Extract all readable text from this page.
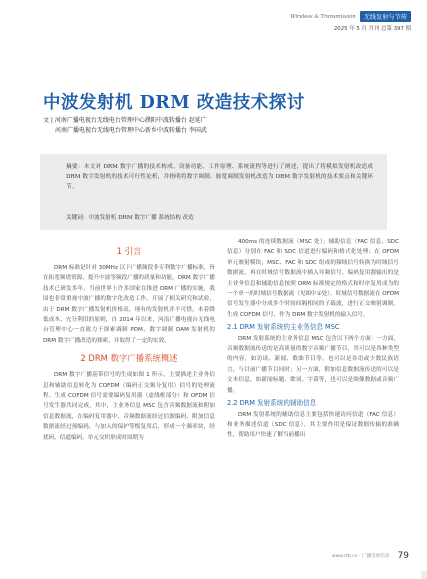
Wireless & Transmission	无线发射与节传
2025 年 5 月 月刊 总第 397 期
中波发射机 DRM 改造技术探讨
文 | 河南广播电视台无线电台管理中心濮阳中波转播台 赵延广
河南广播电视台无线电台管理中心新乡中波转播台 李国武
摘要：本文对 DRM 数字广播的技术构成、设备功能、工作原理、系统流程等进行了阐述，提出了将模拟发射机改造成 DRM 数字发射机的技术可行性论析，并指明将数字调制、脉宽调制发射机改造为 DRM 数字发射机的技术要点和关键环节。
关键词：中波发射机 DRM 数字广播 系统结构 改造
1 引言

DRM 标准是针对 30MHz 以下广播频段非专利数字广播标准，旨在拓宽频谱资源、提升中波等频段广播的质量和功能。DRM 数字广播技术已研发多年，当前世界上许多国家在推进 DRM 广播的实施，我国也非常重视中波广播的数字化改造工作，开展了相关研究和试验，由于 DRM 数字广播发射机价格高，现有的发射机并不可惜，本着降低成本、充分利旧的原则，自 2014 年以来，河南广播电视台无线电台管理中心一直致力于探索调制 PDM、数字调制 DAM 发射机的 DRM 数字广播改造的探索，并取得了一定的实效。

2 DRM 数字广播系统概述

DRM 数字广播基带信号的生成如图 1 所示，主要描述主业务信息和辅助信息转化为 COFDM（编码正交频分复用）信号的处理流程。生成 COFDM 信号需要编码复用器（虚线框部分）和 OFDM 信号发生器共同完成，其中，主业务信息 MSC 包含音频数据流和附加信息数据流，在编码复用器中，音频数据流经过信源编码、附加信息数据流经过预编码，与加入的保护等级复用后，形成一个频率块，经扰码、信道编码、单元交织形成时周期为

400ms 的连续数据流（MSC 处）；辅助信息（FAC 信息、SDC 信息）分别在 FAC 和 SDC 信道进行编码和格式化处理；在 OFDM 单元映射模块，MSC、FAC 和 SDC 组成的频域信号转换为时域信号数据流，再在时域信号数据流中插入导频信号。编码复用器输出的是主业务信息和辅助信息按照 DRM 标准规定的格式和时序复用成为的一个单一的时域信号数据流（见图中①处）。时域信号数据流在 OFDM 信号发生器中分成多个时间间隔相同的子载波，进行正交映射调制，生成 COFDM 信号，作为 DRM 数字发射机的输入信号。

2.1 DRM 发射系统的主业务信息 MSC

DRM 发射系统的主业务信息 MSC 包含以下两个方面：一方面，音频数据流传送的是高质量的数字音频广播节目，其可以是各种类型的内容，如访谈、新闻、歌曲节目等，也可以是各语或少数民族语言，与目前广播节目同时；另一方面，附加信息数据流传送的可以是文本信息，如新闻标题、歌词、字幕等，也可以是图像数据或音频广播。

2.2 DRM 发射系统的辅助信息

DRM 发射系统的辅助信息主要包括快速访问信道（FAC 信息）和业务描述信道（SDC 信息），其主要作用是保证数据传输的准确性，帮助用户快速了解当前播出

www.rtb.cn · 广播电视信息 79
